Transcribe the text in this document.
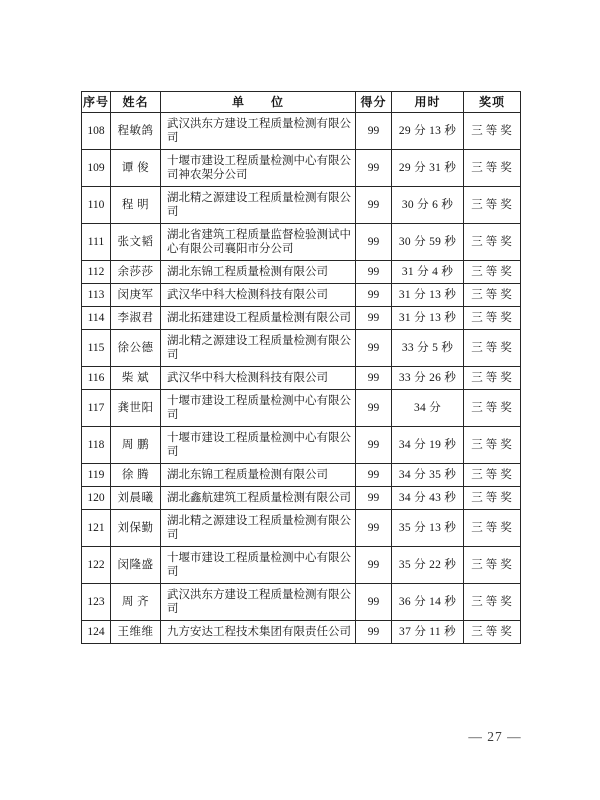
序号	姓名	单　　位	得分	用时	奖项
108	程敏鸽	武汉洪东方建设工程质量检测有限公司	99	29 分 13 秒	三等奖
109	谭 俊	十堰市建设工程质量检测中心有限公司神农架分公司	99	29 分 31 秒	三等奖
110	程 明	湖北精之源建设工程质量检测有限公司	99	30 分 6 秒	三等奖
111	张文韬	湖北省建筑工程质量监督检验测试中心有限公司襄阳市分公司	99	30 分 59 秒	三等奖
112	余莎莎	湖北东锦工程质量检测有限公司	99	31 分 4 秒	三等奖
113	闵庚军	武汉华中科大检测科技有限公司	99	31 分 13 秒	三等奖
114	李淑君	湖北拓建建设工程质量检测有限公司	99	31 分 13 秒	三等奖
115	徐公德	湖北精之源建设工程质量检测有限公司	99	33 分 5 秒	三等奖
116	柴 斌	武汉华中科大检测科技有限公司	99	33 分 26 秒	三等奖
117	龚世阳	十堰市建设工程质量检测中心有限公司	99	34 分	三等奖
118	周 鹏	十堰市建设工程质量检测中心有限公司	99	34 分 19 秒	三等奖
119	徐 腾	湖北东锦工程质量检测有限公司	99	34 分 35 秒	三等奖
120	刘晨曦	湖北鑫航建筑工程质量检测有限公司	99	34 分 43 秒	三等奖
121	刘保勤	湖北精之源建设工程质量检测有限公司	99	35 分 13 秒	三等奖
122	闵隆盛	十堰市建设工程质量检测中心有限公司	99	35 分 22 秒	三等奖
123	周 齐	武汉洪东方建设工程质量检测有限公司	99	36 分 14 秒	三等奖
124	王维维	九方安达工程技术集团有限责任公司	99	37 分 11 秒	三等奖
— 27 —
